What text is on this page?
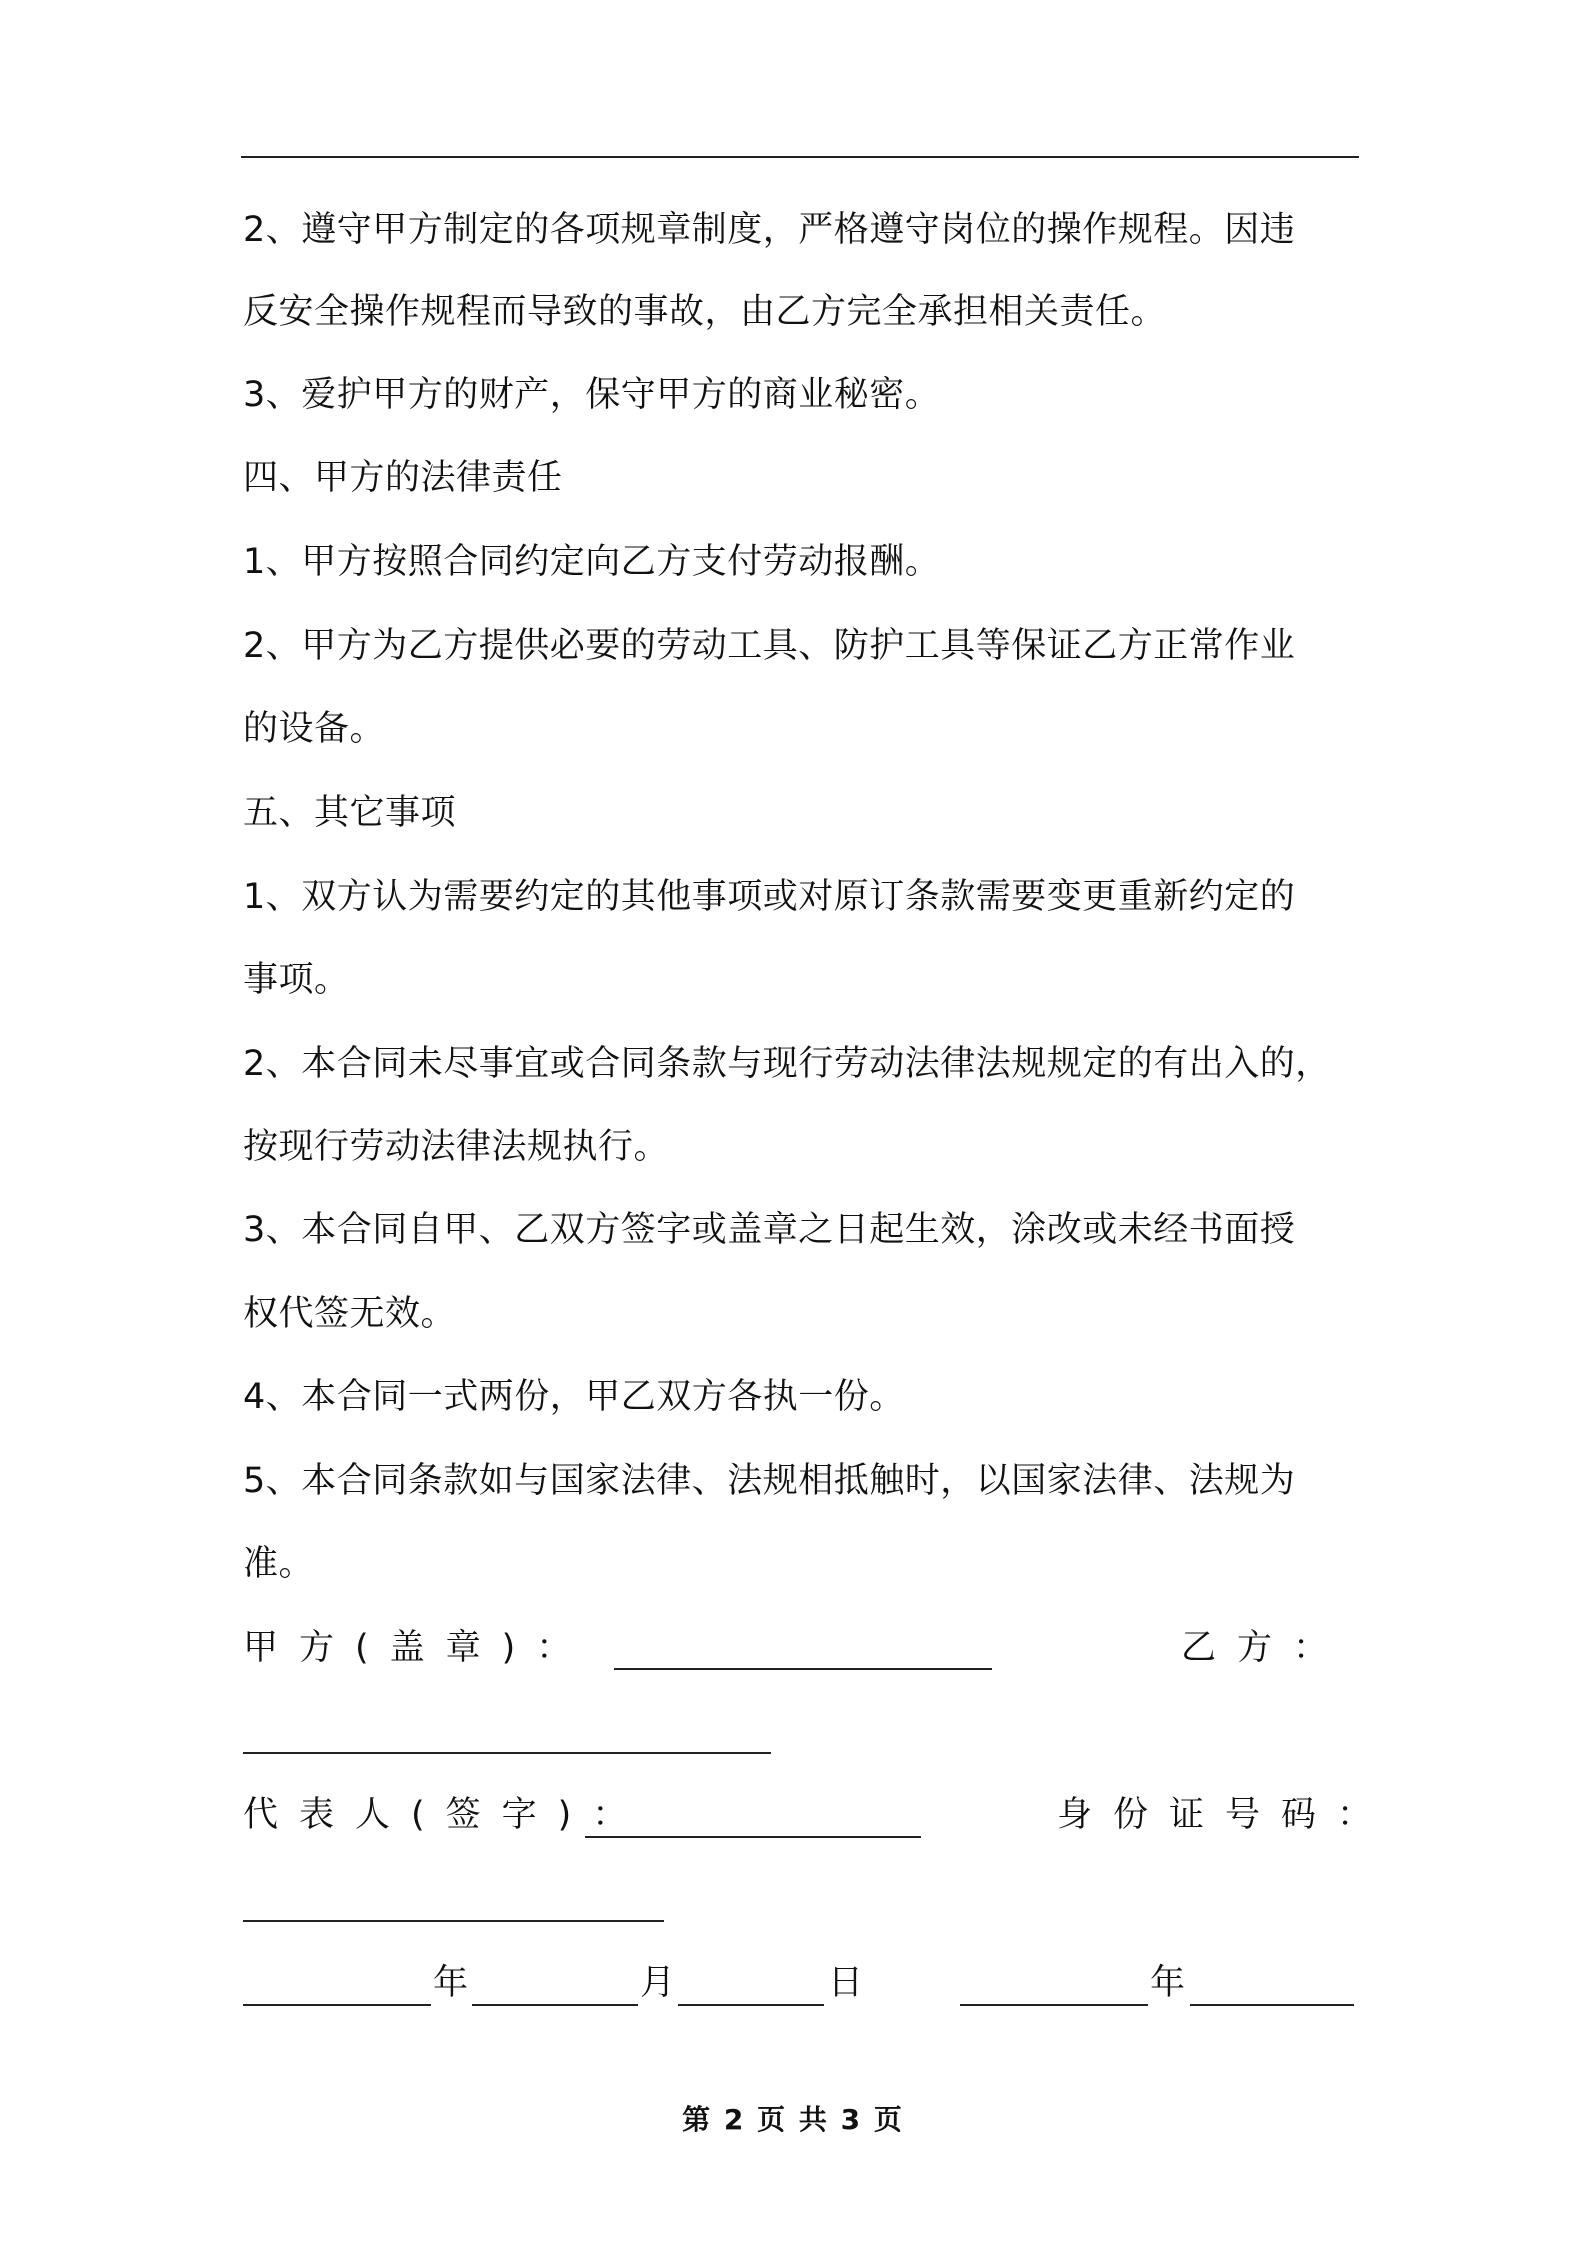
2、遵守甲方制定的各项规章制度，严格遵守岗位的操作规程。因违
反安全操作规程而导致的事故，由乙方完全承担相关责任。
3、爱护甲方的财产，保守甲方的商业秘密。
四、甲方的法律责任
1、甲方按照合同约定向乙方支付劳动报酬。
2、甲方为乙方提供必要的劳动工具、防护工具等保证乙方正常作业
的设备。
五、其它事项
1、双方认为需要约定的其他事项或对原订条款需要变更重新约定的
事项。
2、本合同未尽事宜或合同条款与现行劳动法律法规规定的有出入的，
按现行劳动法律法规执行。
3、本合同自甲、乙双方签字或盖章之日起生效，涂改或未经书面授
权代签无效。
4、本合同一式两份，甲乙双方各执一份。
5、本合同条款如与国家法律、法规相抵触时，以国家法律、法规为
准。
甲方(盖章)：	乙方：
代表人(签字)：	身份证号码：
年	月	日	年
第 2 页 共 3 页
